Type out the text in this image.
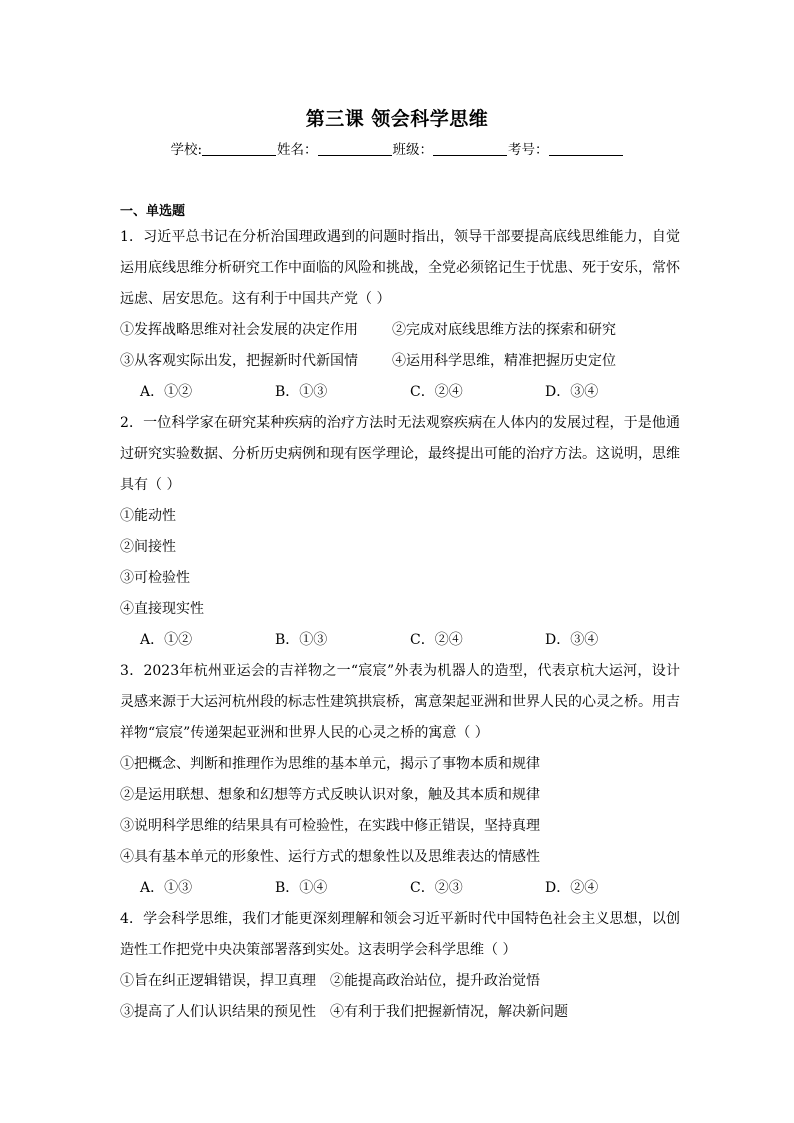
第三课 领会科学思维
学校:	姓名：	班级：	考号：
一、单选题
1．习近平总书记在分析治国理政遇到的问题时指出，领导干部要提高底线思维能力，自觉运用底线思维分析研究工作中面临的风险和挑战，全党必须铭记生于忧患、死于安乐，常怀远虑、居安思危。这有利于中国共产党（ ）
①发挥战略思维对社会发展的决定作用	②完成对底线思维方法的探索和研究
③从客观实际出发，把握新时代新国情	④运用科学思维，精准把握历史定位
A．①②	B．①③	C．②④	D．③④
2．一位科学家在研究某种疾病的治疗方法时无法观察疾病在人体内的发展过程，于是他通过研究实验数据、分析历史病例和现有医学理论，最终提出可能的治疗方法。这说明，思维具有（ ）
①能动性
②间接性
③可检验性
④直接现实性
A．①②	B．①③	C．②④	D．③④
3．2023年杭州亚运会的吉祥物之一“宸宸”外表为机器人的造型，代表京杭大运河，设计灵感来源于大运河杭州段的标志性建筑拱宸桥，寓意架起亚洲和世界人民的心灵之桥。用吉祥物“宸宸”传递架起亚洲和世界人民的心灵之桥的寓意（ ）
①把概念、判断和推理作为思维的基本单元，揭示了事物本质和规律
②是运用联想、想象和幻想等方式反映认识对象，触及其本质和规律
③说明科学思维的结果具有可检验性，在实践中修正错误，坚持真理
④具有基本单元的形象性、运行方式的想象性以及思维表达的情感性
A．①③	B．①④	C．②③	D．②④
4．学会科学思维，我们才能更深刻理解和领会习近平新时代中国特色社会主义思想，以创造性工作把党中央决策部署落到实处。这表明学会科学思维（ ）
①旨在纠正逻辑错误，捍卫真理 ②能提高政治站位，提升政治觉悟
③提高了人们认识结果的预见性 ④有利于我们把握新情况，解决新问题
